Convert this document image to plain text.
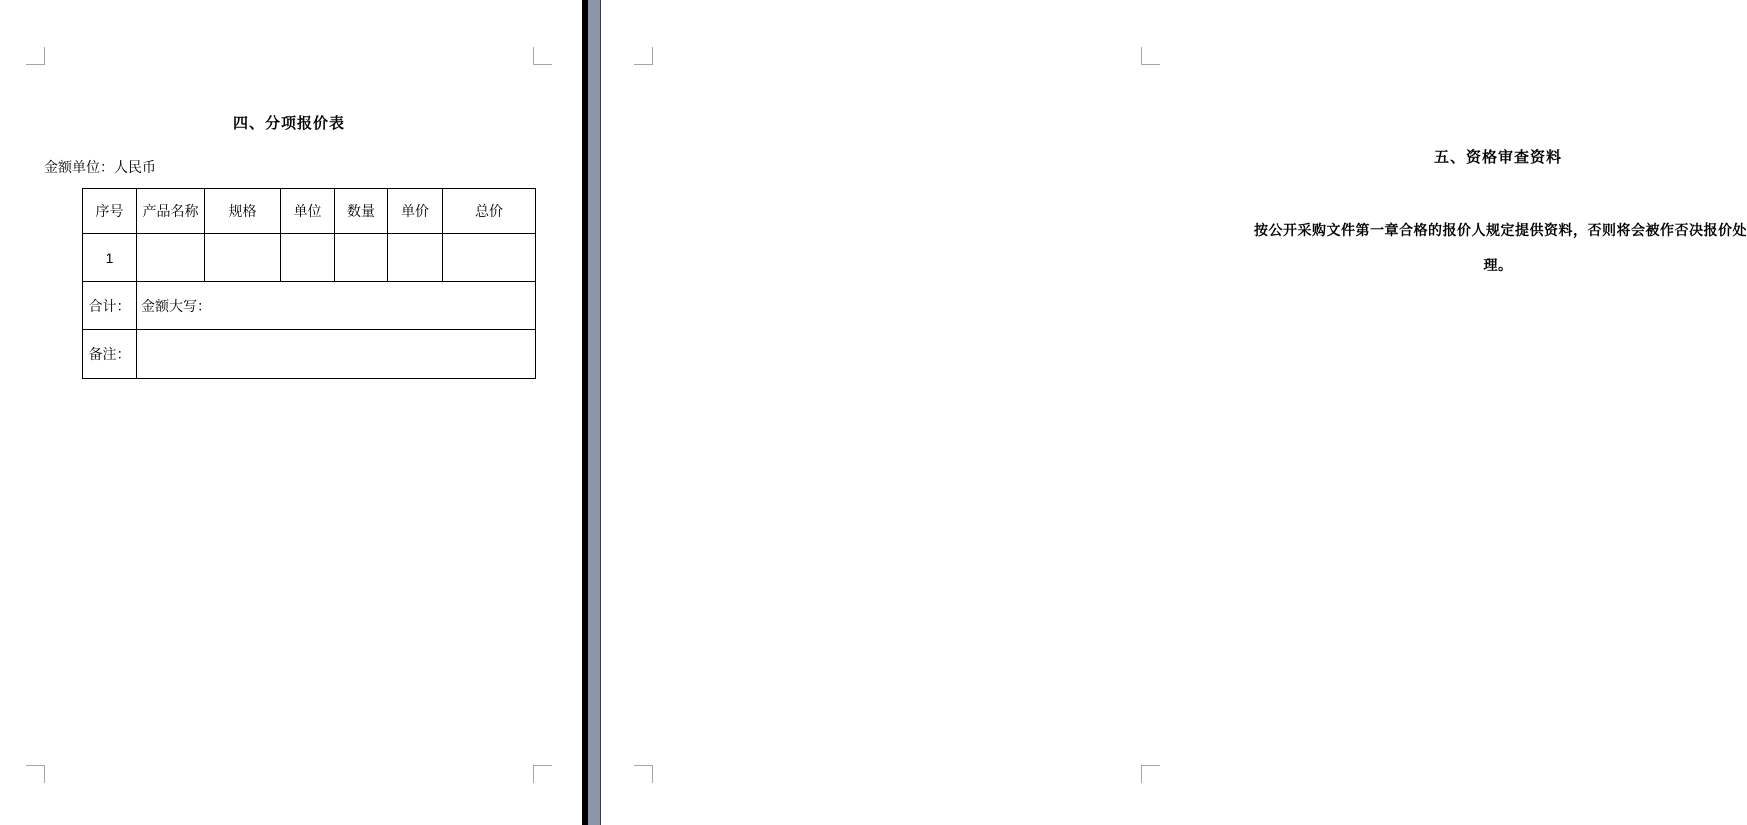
四、分项报价表
金额单位：人民币
序号	产品名称	规格	单位	数量	单价	总价
1						
合计：	金额大写：					
备注：						
五、资格审查资料
按公开采购文件第一章合格的报价人规定提供资料，否则将会被作否决报价处
理。
